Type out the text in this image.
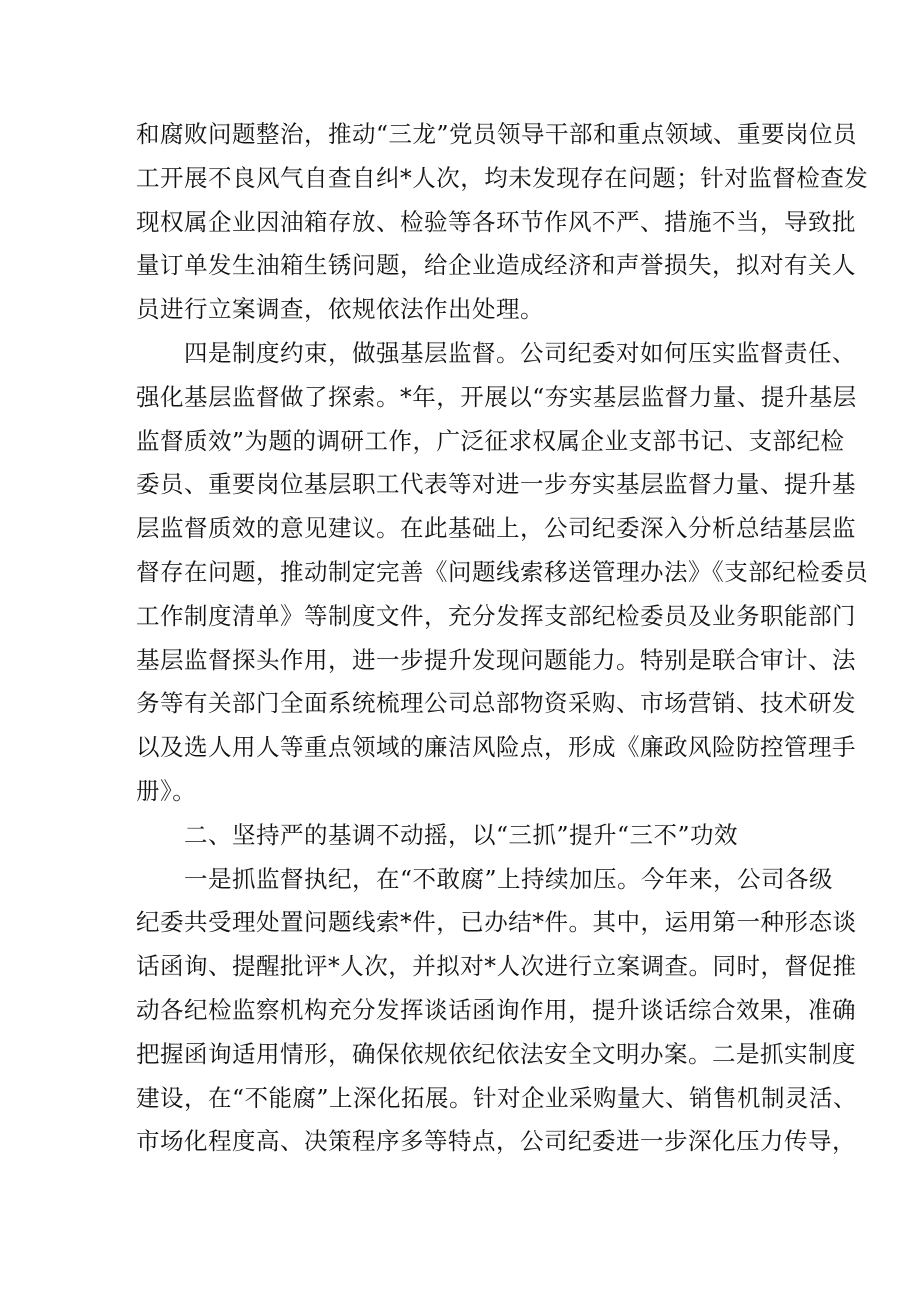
和腐败问题整治，推动“三龙”党员领导干部和重点领域、重要岗位员
工开展不良风气自查自纠*人次，均未发现存在问题；针对监督检查发
现权属企业因油箱存放、检验等各环节作风不严、措施不当，导致批
量订单发生油箱生锈问题，给企业造成经济和声誉损失，拟对有关人
员进行立案调查，依规依法作出处理。
四是制度约束，做强基层监督。公司纪委对如何压实监督责任、
强化基层监督做了探索。*年，开展以“夯实基层监督力量、提升基层
监督质效”为题的调研工作，广泛征求权属企业支部书记、支部纪检
委员、重要岗位基层职工代表等对进一步夯实基层监督力量、提升基
层监督质效的意见建议。在此基础上，公司纪委深入分析总结基层监
督存在问题，推动制定完善《问题线索移送管理办法》《支部纪检委员
工作制度清单》等制度文件，充分发挥支部纪检委员及业务职能部门
基层监督探头作用，进一步提升发现问题能力。特别是联合审计、法
务等有关部门全面系统梳理公司总部物资采购、市场营销、技术研发
以及选人用人等重点领域的廉洁风险点，形成《廉政风险防控管理手
册》。
二、坚持严的基调不动摇，以“三抓”提升“三不”功效
一是抓监督执纪，在“不敢腐”上持续加压。今年来，公司各级
纪委共受理处置问题线索*件，已办结*件。其中，运用第一种形态谈
话函询、提醒批评*人次，并拟对*人次进行立案调查。同时，督促推
动各纪检监察机构充分发挥谈话函询作用，提升谈话综合效果，准确
把握函询适用情形，确保依规依纪依法安全文明办案。二是抓实制度
建设，在“不能腐”上深化拓展。针对企业采购量大、销售机制灵活、
市场化程度高、决策程序多等特点，公司纪委进一步深化压力传导，
